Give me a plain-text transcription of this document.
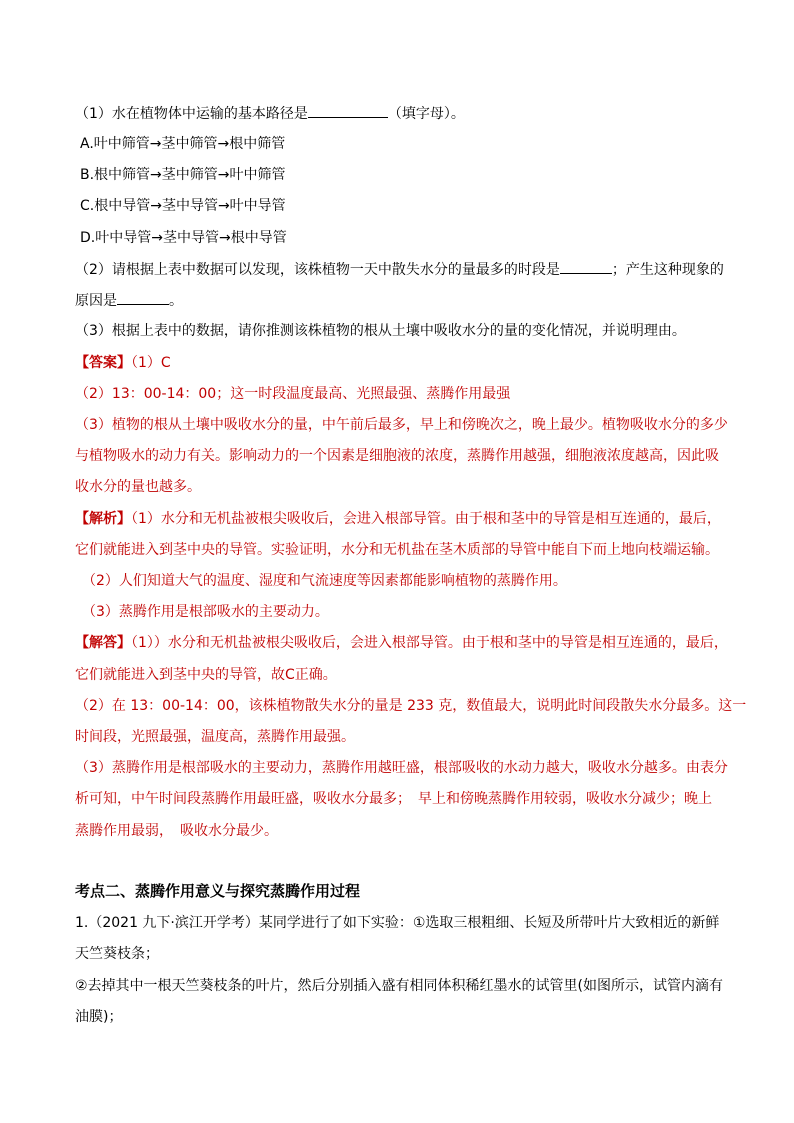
（1）水在植物体中运输的基本路径是	（填字母）。
A.叶中筛管→茎中筛管→根中筛管
B.根中筛管→茎中筛管→叶中筛管
C.根中导管→茎中导管→叶中导管
D.叶中导管→茎中导管→根中导管
（2）请根据上表中数据可以发现，该株植物一天中散失水分的量最多的时段是	；产生这种现象的
原因是	。
（3）根据上表中的数据，请你推测该株植物的根从土壤中吸收水分的量的变化情况，并说明理由。
【答案】（1）C
（2）13：00-14：00；这一时段温度最高、光照最强、蒸腾作用最强
（3）植物的根从土壤中吸收水分的量，中午前后最多，早上和傍晚次之，晚上最少。植物吸收水分的多少
与植物吸水的动力有关。影响动力的一个因素是细胞液的浓度，蒸腾作用越强，细胞液浓度越高，因此吸
收水分的量也越多。
【解析】（1）水分和无机盐被根尖吸收后，会进入根部导管。由于根和茎中的导管是相互连通的，最后，
它们就能进入到茎中央的导管。实验证明，水分和无机盐在茎木质部的导管中能自下而上地向枝端运输。
（2）人们知道大气的温度、湿度和气流速度等因素都能影响植物的蒸腾作用。
（3）蒸腾作用是根部吸水的主要动力。
【解答】（1））水分和无机盐被根尖吸收后，会进入根部导管。由于根和茎中的导管是相互连通的，最后，
它们就能进入到茎中央的导管，故C正确。
（2）在 13：00-14：00，该株植物散失水分的量是 233 克，数值最大，说明此时间段散失水分最多。这一
时间段，光照最强，温度高，蒸腾作用最强。
（3）蒸腾作用是根部吸水的主要动力，蒸腾作用越旺盛，根部吸收的水动力越大，吸收水分越多。由表分
析可知，中午时间段蒸腾作用最旺盛，吸收水分最多；　早上和傍晚蒸腾作用较弱，吸收水分减少；晚上
蒸腾作用最弱，　吸收水分最少。
考点二、蒸腾作用意义与探究蒸腾作用过程
1.（2021 九下·滨江开学考）某同学进行了如下实验：①选取三根粗细、长短及所带叶片大致相近的新鲜
天竺葵枝条；
②去掉其中一根天竺葵枝条的叶片，然后分别插入盛有相同体积稀红墨水的试管里(如图所示，试管内滴有
油膜)；
